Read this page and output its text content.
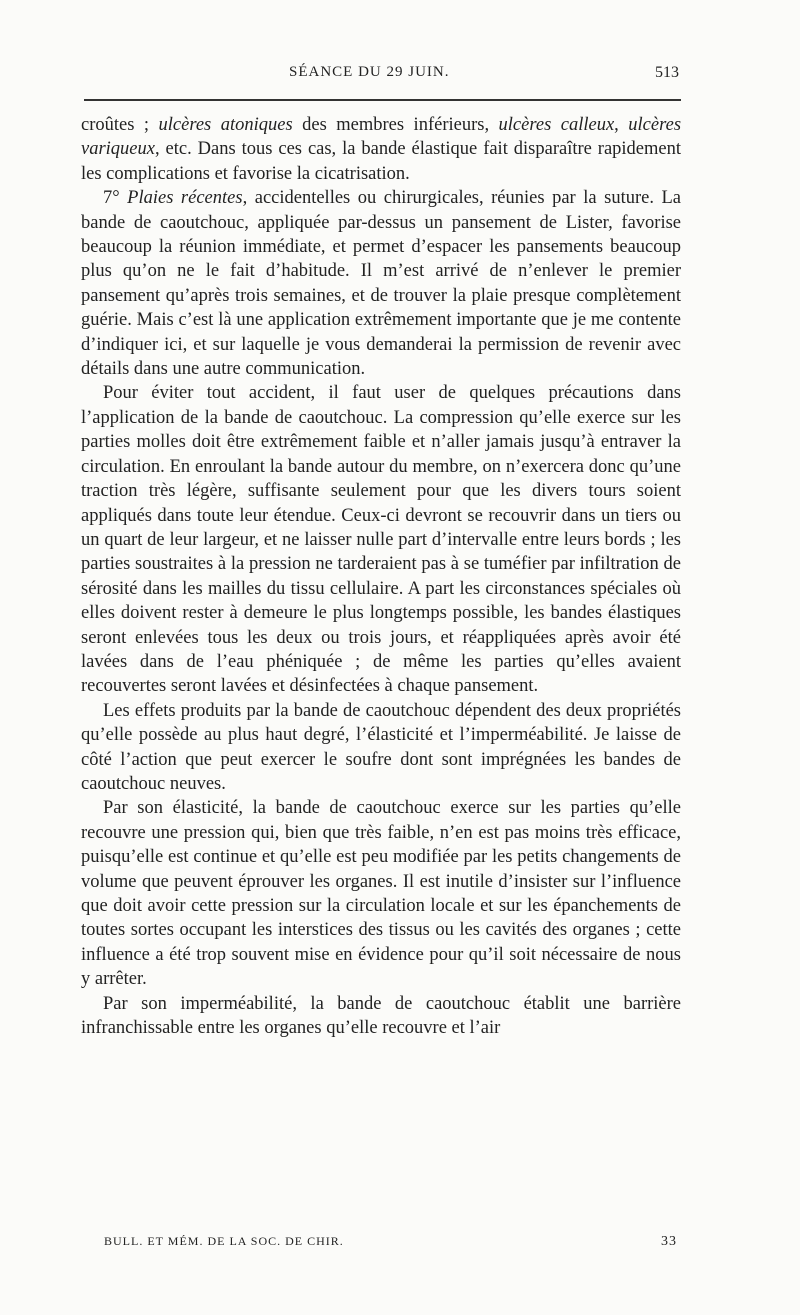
SÉANCE DU 29 JUIN.	513

croûtes ; ulcères atoniques des membres inférieurs, ulcères calleux, ulcères variqueux, etc. Dans tous ces cas, la bande élastique fait disparaître rapidement les complications et favorise la cicatrisation.

7° Plaies récentes, accidentelles ou chirurgicales, réunies par la suture. La bande de caoutchouc, appliquée par-dessus un pansement de Lister, favorise beaucoup la réunion immédiate, et permet d’espacer les pansements beaucoup plus qu’on ne le fait d’habitude. Il m’est arrivé de n’enlever le premier pansement qu’après trois semaines, et de trouver la plaie presque complètement guérie. Mais c’est là une application extrêmement importante que je me contente d’indiquer ici, et sur laquelle je vous demanderai la permission de revenir avec détails dans une autre communication.

Pour éviter tout accident, il faut user de quelques précautions dans l’application de la bande de caoutchouc. La compression qu’elle exerce sur les parties molles doit être extrêmement faible et n’aller jamais jusqu’à entraver la circulation. En enroulant la bande autour du membre, on n’exercera donc qu’une traction très légère, suffisante seulement pour que les divers tours soient appliqués dans toute leur étendue. Ceux-ci devront se recouvrir dans un tiers ou un quart de leur largeur, et ne laisser nulle part d’intervalle entre leurs bords ; les parties soustraites à la pression ne tarderaient pas à se tuméfier par infiltration de sérosité dans les mailles du tissu cellulaire. A part les circonstances spéciales où elles doivent rester à demeure le plus longtemps possible, les bandes élastiques seront enlevées tous les deux ou trois jours, et réappliquées après avoir été lavées dans de l’eau phéniquée ; de même les parties qu’elles avaient recouvertes seront lavées et désinfectées à chaque pansement.

Les effets produits par la bande de caoutchouc dépendent des deux propriétés qu’elle possède au plus haut degré, l’élasticité et l’imperméabilité. Je laisse de côté l’action que peut exercer le soufre dont sont imprégnées les bandes de caoutchouc neuves.

Par son élasticité, la bande de caoutchouc exerce sur les parties qu’elle recouvre une pression qui, bien que très faible, n’en est pas moins très efficace, puisqu’elle est continue et qu’elle est peu modifiée par les petits changements de volume que peuvent éprouver les organes. Il est inutile d’insister sur l’influence que doit avoir cette pression sur la circulation locale et sur les épanchements de toutes sortes occupant les interstices des tissus ou les cavités des organes ; cette influence a été trop souvent mise en évidence pour qu’il soit nécessaire de nous y arrêter.

Par son imperméabilité, la bande de caoutchouc établit une barrière infranchissable entre les organes qu’elle recouvre et l’air

BULL. ET MÉM. DE LA SOC. DE CHIR.	33
